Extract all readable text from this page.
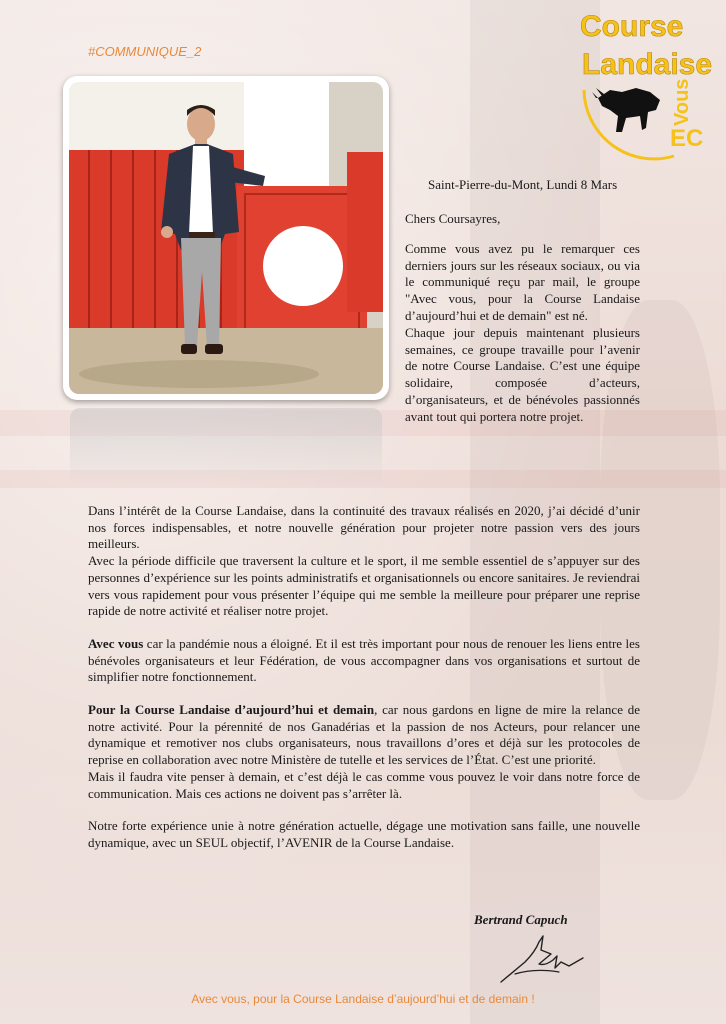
#COMMUNIQUE_2
Course
Landaise
Vous
EC
Saint-Pierre-du-Mont, Lundi 8 Mars

Chers Coursayres,

Comme vous avez pu le remarquer ces derniers jours sur les réseaux sociaux, ou via le communiqué reçu par mail, le groupe "Avec vous, pour la Course Landaise d’aujourd’hui et de demain" est né.

Chaque jour depuis maintenant plusieurs semaines, ce groupe travaille pour l’avenir de notre Course Landaise. C’est une équipe solidaire, composée d’acteurs, d’organisateurs, et de bénévoles passionnés avant tout qui portera notre projet.

Dans l’intérêt de la Course Landaise, dans la continuité des travaux réalisés en 2020, j’ai décidé d’unir nos forces indispensables, et notre nouvelle génération pour projeter notre passion vers des jours meilleurs.

Avec la période difficile que traversent la culture et le sport, il me semble essentiel de s’appuyer sur des personnes d’expérience sur les points administratifs et organisationnels ou encore sanitaires. Je reviendrai vers vous rapidement pour vous présenter l’équipe qui me semble la meilleure pour préparer une reprise rapide de notre activité et réaliser notre projet.

Avec vous car la pandémie nous a éloigné. Et il est très important pour nous de renouer les liens entre les bénévoles organisateurs et leur Fédération, de vous accompagner dans vos organisations et surtout de simplifier notre fonctionnement.

Pour la Course Landaise d’aujourd’hui et demain, car nous gardons en ligne de mire la relance de notre activité. Pour la pérennité de nos Ganadérias et la passion de nos Acteurs, pour relancer une dynamique et remotiver nos clubs organisateurs, nous travaillons d’ores et déjà sur les protocoles de reprise en collaboration avec notre Ministère de tutelle et les services de l’État. C’est une priorité.

Mais il faudra vite penser à demain, et c’est déjà le cas comme vous pouvez le voir dans notre force de communication. Mais ces actions ne doivent pas s’arrêter là.

Notre forte expérience unie à notre génération actuelle, dégage une motivation sans faille, une nouvelle dynamique, avec un SEUL objectif, l’AVENIR de la Course Landaise.

Bertrand Capuch
Avec vous, pour la Course Landaise d’aujourd’hui et de demain !
